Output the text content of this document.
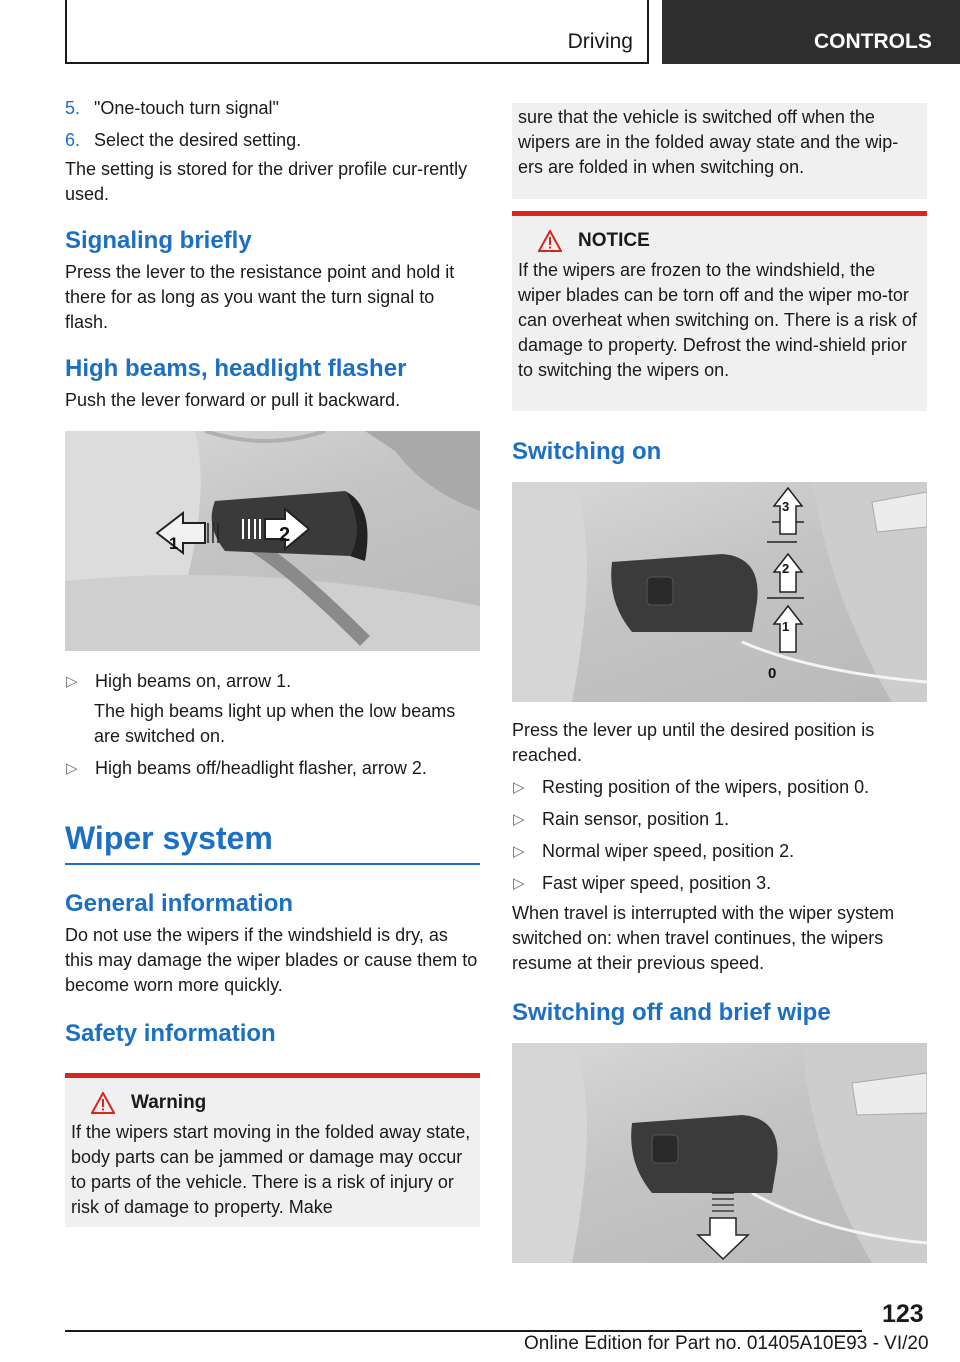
Driving	CONTROLS
5. "One-touch turn signal"
6. Select the desired setting.

The setting is stored for the driver profile cur-rently used.

Signaling briefly

Press the lever to the resistance point and hold it there for as long as you want the turn signal to flash.

High beams, headlight flasher

Push the lever forward or pull it backward.

1	2
▷ High beams on, arrow 1.
The high beams light up when the low beams are switched on.
▷ High beams off/headlight flasher, arrow 2.
Wiper system
General information

Do not use the wipers if the windshield is dry, as this may damage the wiper blades or cause them to become worn more quickly.

Safety information
Warning
If the wipers start moving in the folded away state, body parts can be jammed or damage may occur to parts of the vehicle. There is a risk of injury or risk of damage to property. Make
sure that the vehicle is switched off when the wipers are in the folded away state and the wip-ers are folded in when switching on.
NOTICE
If the wipers are frozen to the windshield, the wiper blades can be torn off and the wiper mo-tor can overheat when switching on. There is a risk of damage to property. Defrost the wind-shield prior to switching the wipers on.
Switching on
1
2
3
0

Press the lever up until the desired position is reached.

▷ Resting position of the wipers, position 0.
▷ Rain sensor, position 1.
▷ Normal wiper speed, position 2.
▷ Fast wiper speed, position 3.

When travel is interrupted with the wiper system switched on: when travel continues, the wipers resume at their previous speed.

Switching off and brief wipe
123
Online Edition for Part no. 01405A10E93 - VI/20
